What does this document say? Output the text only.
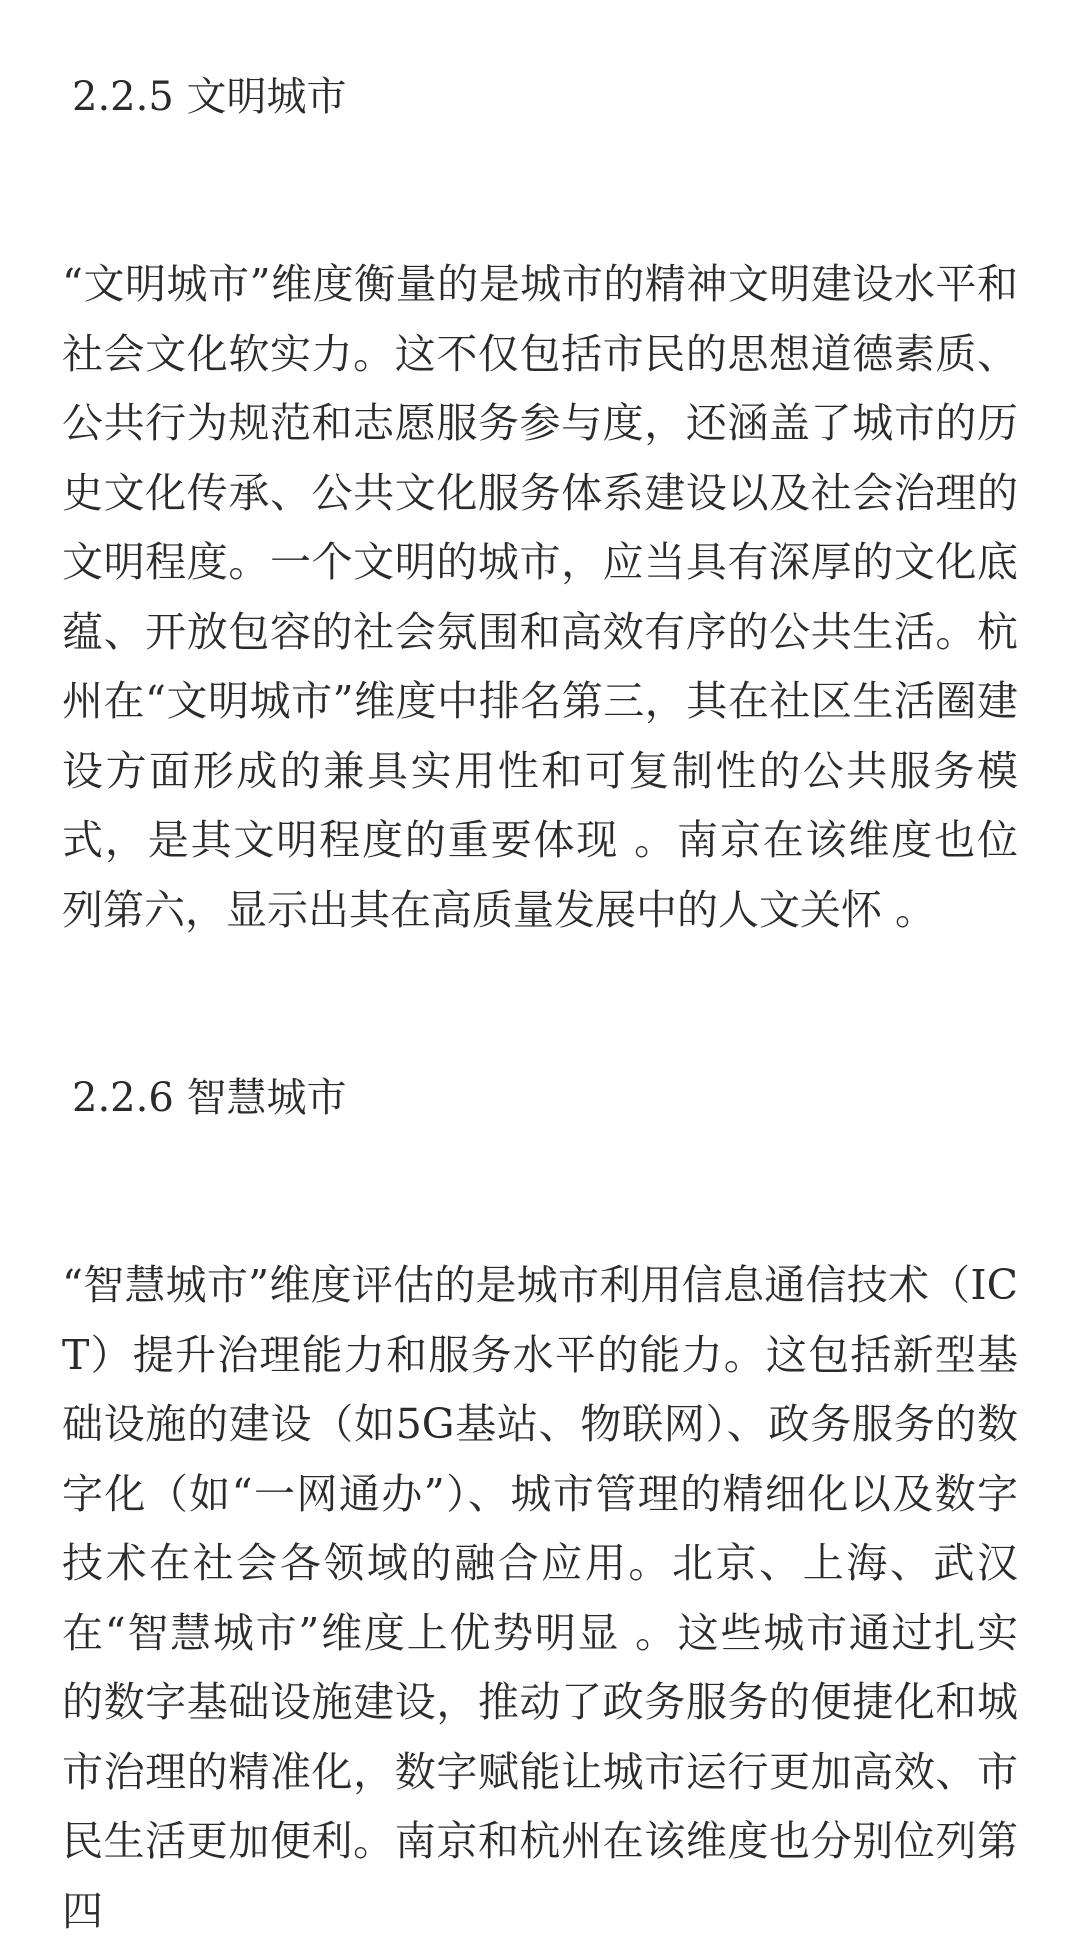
2.2.5 文明城市

“文明城市”维度衡量的是城市的精神文明建设水平和社会文化软实力。这不仅包括市民的思想道德素质、公共行为规范和志愿服务参与度，还涵盖了城市的历史文化传承、公共文化服务体系建设以及社会治理的文明程度。一个文明的城市，应当具有深厚的文化底蕴、开放包容的社会氛围和高效有序的公共生活。杭州在“文明城市”维度中排名第三，其在社区生活圈建设方面形成的兼具实用性和可复制性的公共服务模式，是其文明程度的重要体现 。南京在该维度也位列第六，显示出其在高质量发展中的人文关怀 。

2.2.6 智慧城市

“智慧城市”维度评估的是城市利用信息通信技术（ICT）提升治理能力和服务水平的能力。这包括新型基础设施的建设（如5G基站、物联网）、政务服务的数字化（如“一网通办”）、城市管理的精细化以及数字技术在社会各领域的融合应用。北京、上海、武汉在“智慧城市”维度上优势明显 。这些城市通过扎实的数字基础设施建设，推动了政务服务的便捷化和城市治理的精准化，数字赋能让城市运行更加高效、市民生活更加便利。南京和杭州在该维度也分别位列第四
